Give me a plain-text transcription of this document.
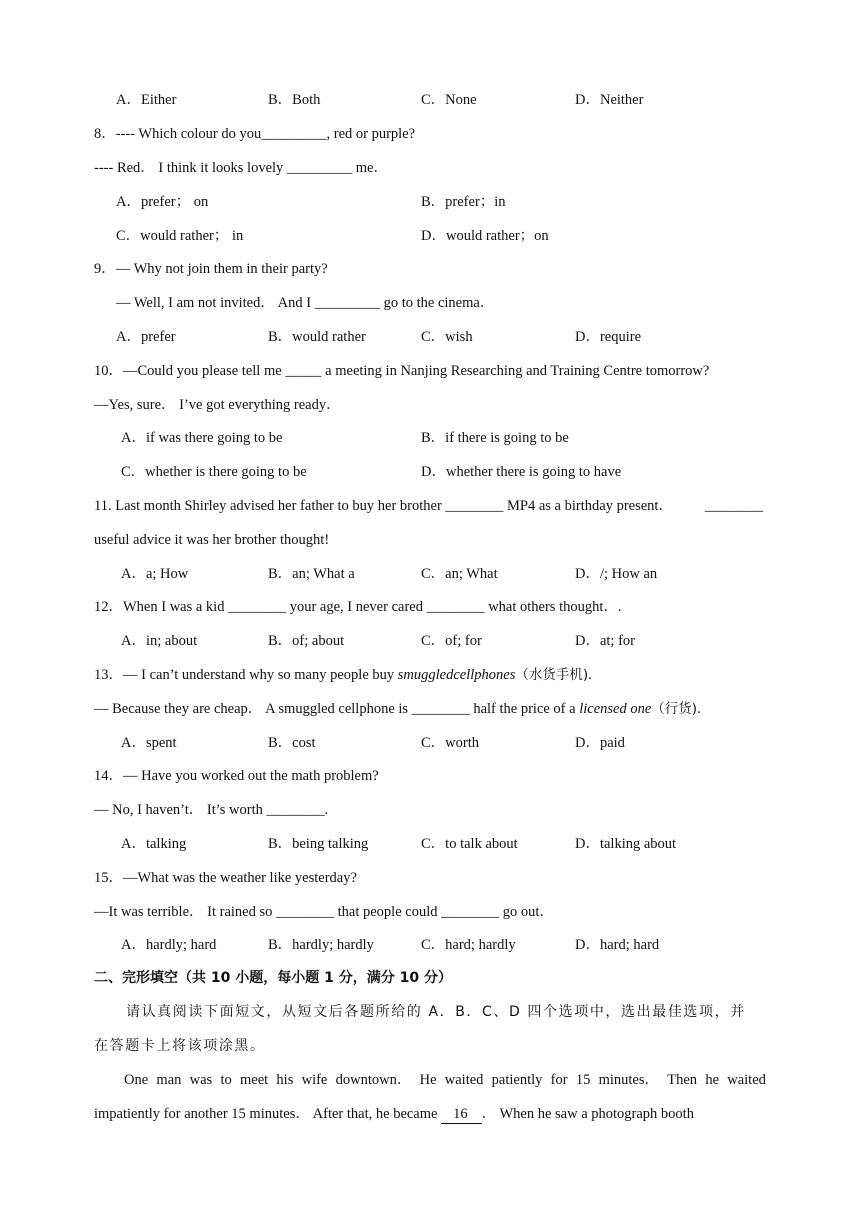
A．Either	B．Both	C．None	D．Neither
8．---- Which colour do you_________, red or purple?
---- Red． I think it looks lovely _________ me．
A．prefer； on	B．prefer；in
C．would rather； in	D．would rather；on
9．— Why not join them in their party?
— Well, I am not invited． And I _________ go to the cinema．
A．prefer	B．would rather	C．wish	D．require
10．—Could you please tell me _____ a meeting in Nanjing Researching and Training Centre tomorrow?
—Yes, sure． I’ve got everything ready．
A．if was there going to be	B．if there is going to be
C．whether is there going to be	D．whether there is going to have
11. Last month Shirley advised her father to buy her brother ________ MP4 as a birthday present． ________
useful advice it was her brother thought!
A．a; How	B．an; What a	C．an; What	D．/; How an
12．When I was a kid ________ your age, I never cared ________ what others thought．.
A．in; about	B．of; about	C．of; for	D．at; for
13．— I can’t understand why so many people buy smuggledcellphones（水货手机).
— Because they are cheap． A smuggled cellphone is ________ half the price of a licensed one（行货).
A．spent	B．cost	C．worth	D．paid
14．— Have you worked out the math problem?
— No, I haven’t． It’s worth ________.
A．talking	B．being talking	C．to talk about	D．talking about
15．—What was the weather like yesterday?
—It was terrible． It rained so ________ that people could ________ go out．
A．hardly; hard	B．hardly; hardly	C．hard; hardly	D．hard; hard
二、完形填空（共 10 小题，每小题 1 分，满分 10 分）
请认真阅读下面短文，从短文后各题所给的 A．B．C、D 四个选项中，选出最佳选项，并
在答题卡上将该项涂黑。
One man was to meet his wife downtown． He waited patiently for 15 minutes． Then he waited
impatiently for another 15 minutes． After that, he became 16 ． When he saw a photograph booth
